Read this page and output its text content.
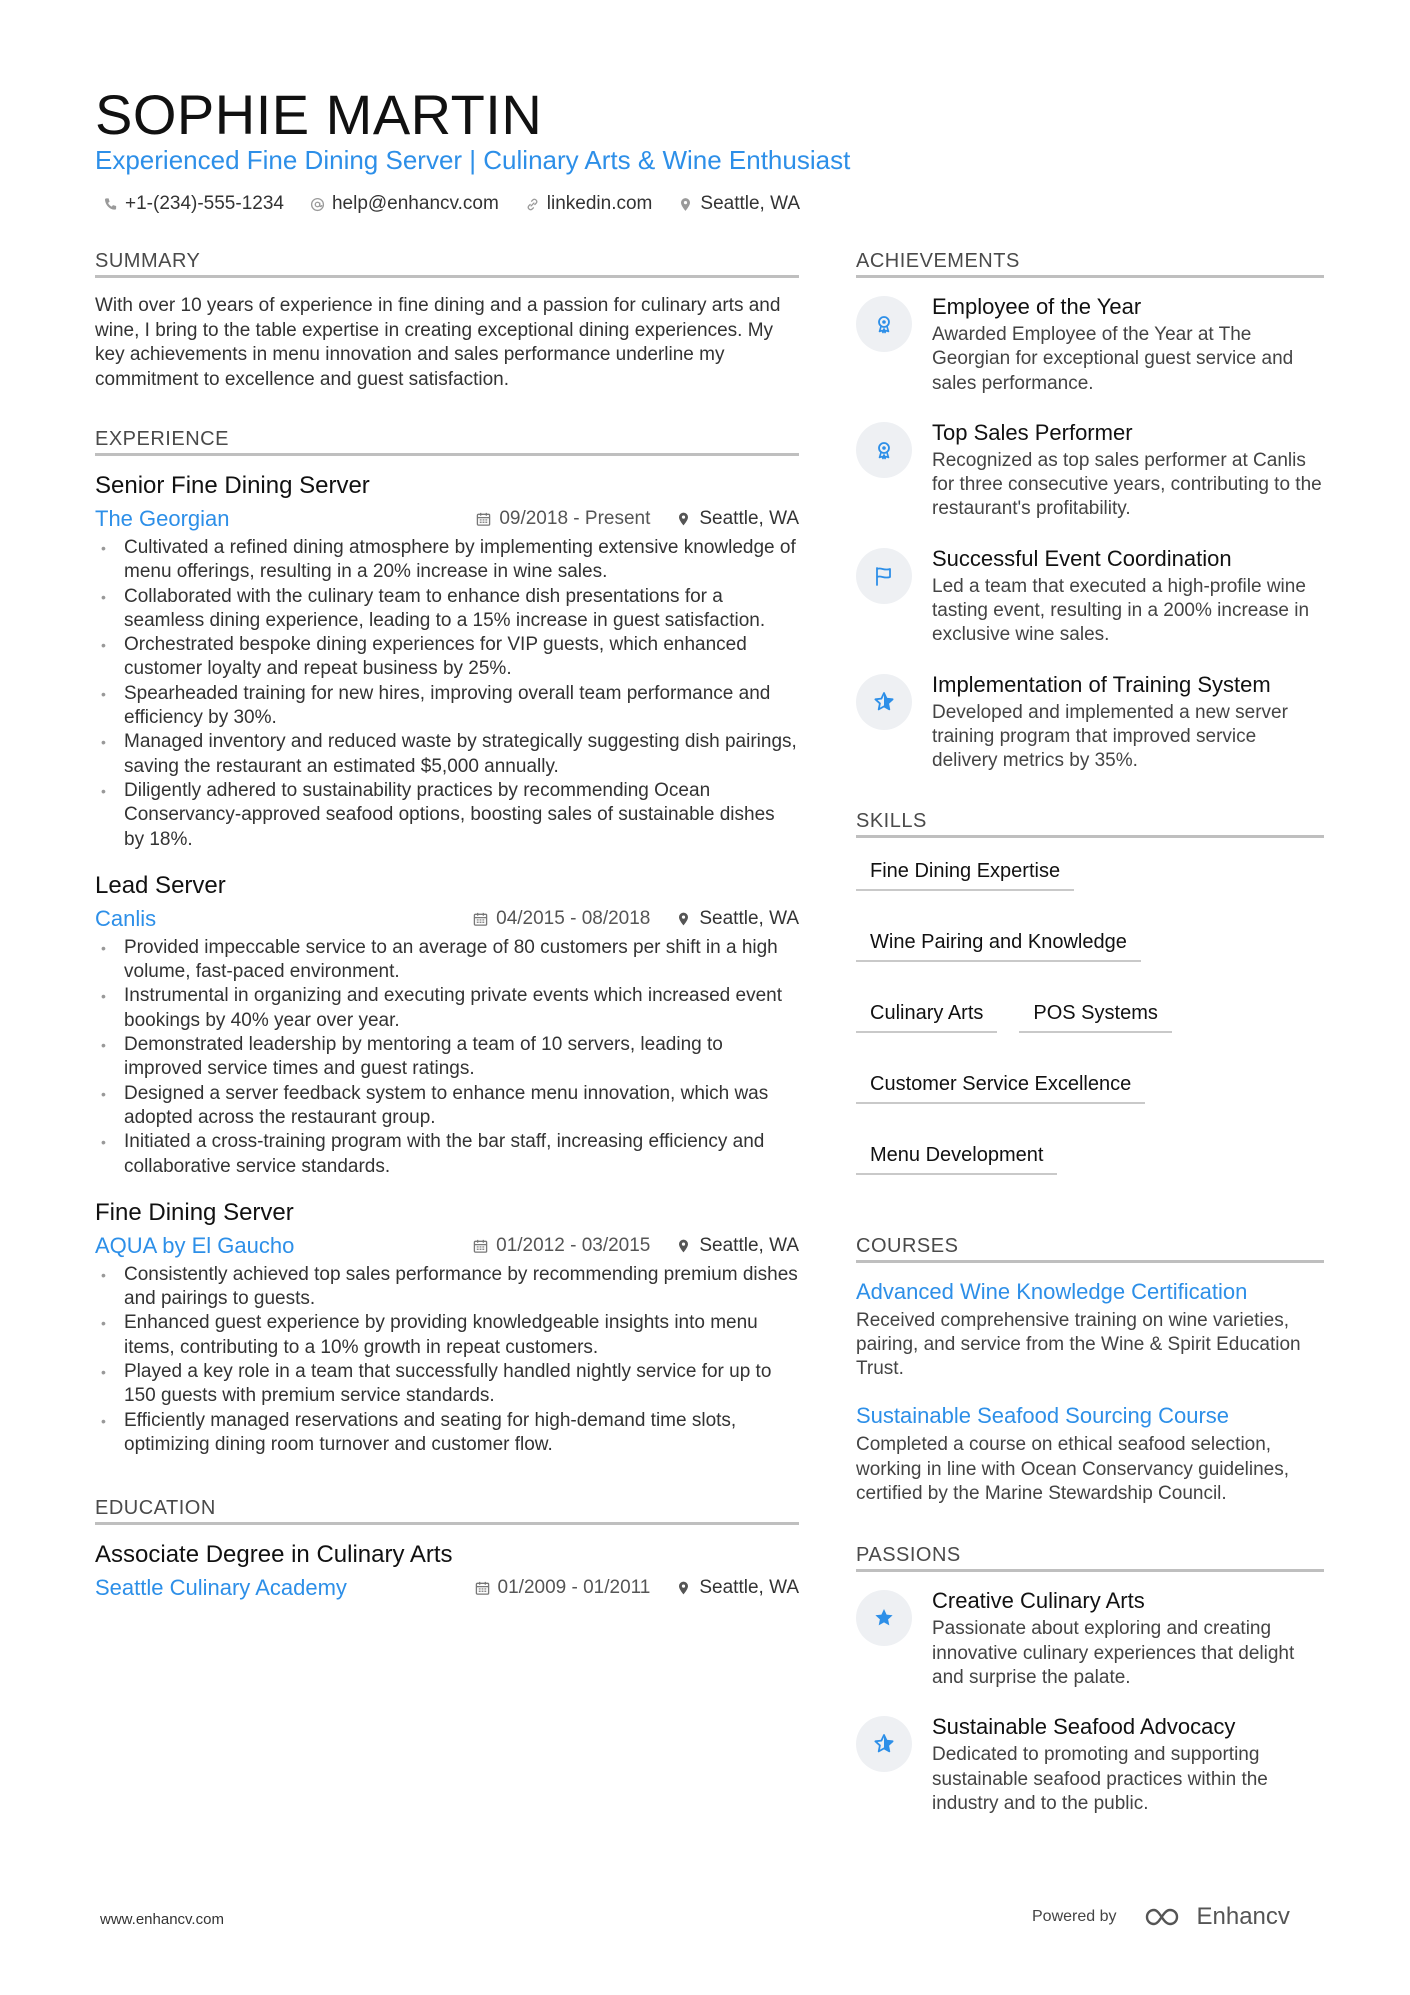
SOPHIE MARTIN
Experienced Fine Dining Server | Culinary Arts & Wine Enthusiast
+1-(234)-555-1234	help@enhancv.com	linkedin.com	Seattle, WA
SUMMARY

With over 10 years of experience in fine dining and a passion for culinary arts and wine, I bring to the table expertise in creating exceptional dining experiences. My key achievements in menu innovation and sales performance underline my commitment to excellence and guest satisfaction.

EXPERIENCE
Senior Fine Dining Server
The Georgian	09/2018 - Present	Seattle, WA
• Cultivated a refined dining atmosphere by implementing extensive knowledge of menu offerings, resulting in a 20% increase in wine sales.
• Collaborated with the culinary team to enhance dish presentations for a seamless dining experience, leading to a 15% increase in guest satisfaction.
• Orchestrated bespoke dining experiences for VIP guests, which enhanced customer loyalty and repeat business by 25%.
• Spearheaded training for new hires, improving overall team performance and efficiency by 30%.
• Managed inventory and reduced waste by strategically suggesting dish pairings, saving the restaurant an estimated $5,000 annually.
• Diligently adhered to sustainability practices by recommending Ocean Conservancy-approved seafood options, boosting sales of sustainable dishes by 18%.
Lead Server
Canlis	04/2015 - 08/2018	Seattle, WA
• Provided impeccable service to an average of 80 customers per shift in a high volume, fast-paced environment.
• Instrumental in organizing and executing private events which increased event bookings by 40% year over year.
• Demonstrated leadership by mentoring a team of 10 servers, leading to improved service times and guest ratings.
• Designed a server feedback system to enhance menu innovation, which was adopted across the restaurant group.
• Initiated a cross-training program with the bar staff, increasing efficiency and collaborative service standards.
Fine Dining Server
AQUA by El Gaucho	01/2012 - 03/2015	Seattle, WA
• Consistently achieved top sales performance by recommending premium dishes and pairings to guests.
• Enhanced guest experience by providing knowledgeable insights into menu items, contributing to a 10% growth in repeat customers.
• Played a key role in a team that successfully handled nightly service for up to 150 guests with premium service standards.
• Efficiently managed reservations and seating for high-demand time slots, optimizing dining room turnover and customer flow.
EDUCATION
Associate Degree in Culinary Arts
Seattle Culinary Academy	01/2009 - 01/2011	Seattle, WA
ACHIEVEMENTS
Employee of the Year
Awarded Employee of the Year at The Georgian for exceptional guest service and sales performance.
Top Sales Performer
Recognized as top sales performer at Canlis for three consecutive years, contributing to the restaurant's profitability.
Successful Event Coordination
Led a team that executed a high-profile wine tasting event, resulting in a 200% increase in exclusive wine sales.
Implementation of Training System
Developed and implemented a new server training program that improved service delivery metrics by 35%.
SKILLS
Fine Dining Expertise
Wine Pairing and Knowledge
Culinary Arts	POS Systems
Customer Service Excellence
Menu Development
COURSES
Advanced Wine Knowledge Certification
Received comprehensive training on wine varieties, pairing, and service from the Wine & Spirit Education Trust.
Sustainable Seafood Sourcing Course
Completed a course on ethical seafood selection, working in line with Ocean Conservancy guidelines, certified by the Marine Stewardship Council.
PASSIONS
Creative Culinary Arts
Passionate about exploring and creating innovative culinary experiences that delight and surprise the palate.
Sustainable Seafood Advocacy
Dedicated to promoting and supporting sustainable seafood practices within the industry and to the public.
www.enhancv.com	Powered by	Enhancv
